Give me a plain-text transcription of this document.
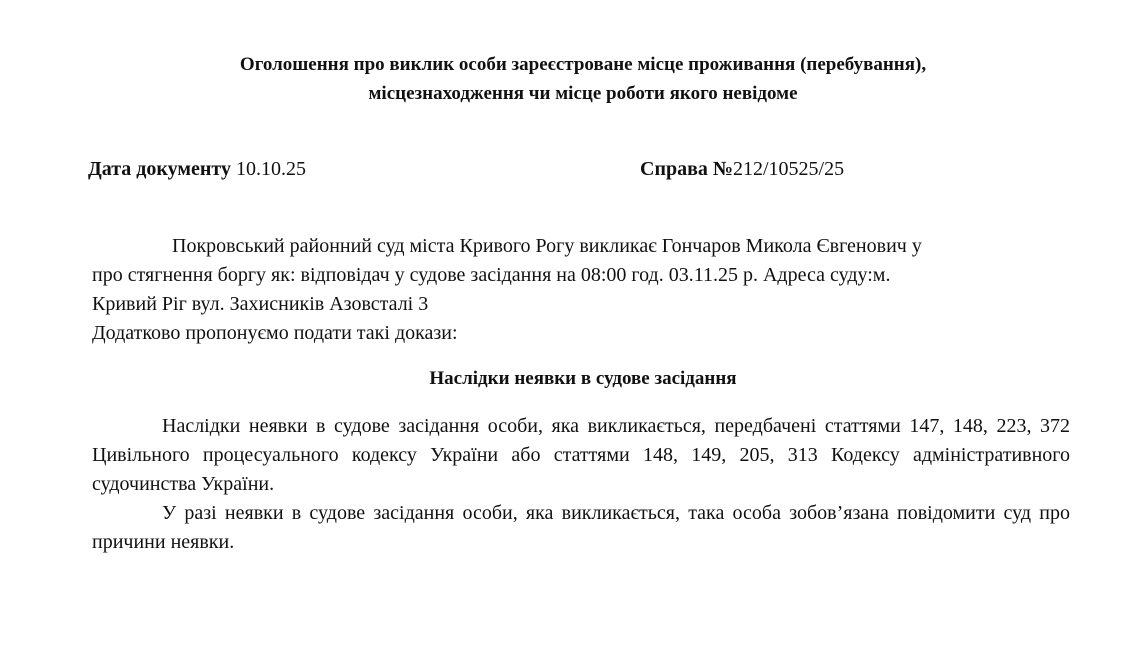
Оголошення про виклик особи зареєстроване місце проживання (перебування),
місцезнаходження чи місце роботи якого невідоме
Дата документу 10.10.25	Справа №212/10525/25

Покровський районний суд міста Кривого Рогу викликає Гончаров Микола Євгенович у

про стягнення боргу як: відповідач у судове засідання на 08:00 год. 03.11.25 р. Адреса суду:м.

Кривий Ріг вул. Захисників Азовсталі 3

Додатково пропонуємо подати такі докази:

Наслідки неявки в судове засідання

Наслідки неявки в судове засідання особи, яка викликається, передбачені статтями 147, 148, 223, 372 Цивільного процесуального кодексу України або статтями 148, 149, 205, 313 Кодексу адміністративного судочинства України.

У разі неявки в судове засідання особи, яка викликається, така особа зобов’язана повідомити суд про причини неявки.
